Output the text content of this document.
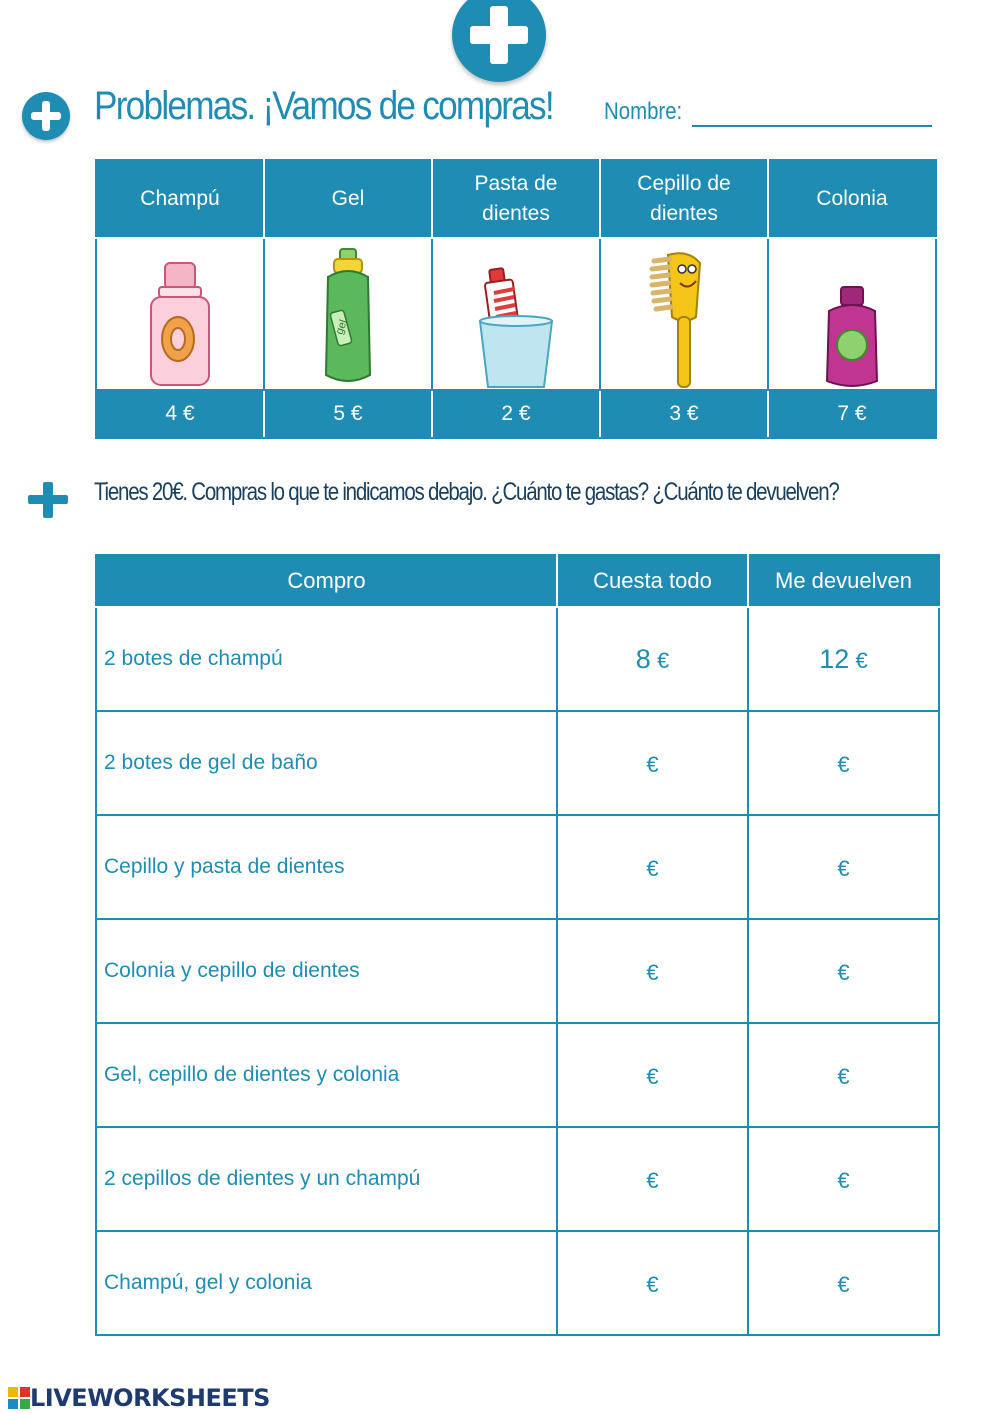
Problemas. ¡Vamos de compras! Nombre:
Champú	Gel	Pasta de dientes	Cepillo de dientes	Colonia

gel

4 €	5 €	2 €	3 €	7 €
Tienes 20€. Compras lo que te indicamos debajo. ¿Cuánto te gastas? ¿Cuánto te devuelven?
Compro	Cuesta todo	Me devuelven
2 botes de champú	8 €	12 €
2 botes de gel de baño	€	€
Cepillo y pasta de dientes	€	€
Colonia y cepillo de dientes	€	€
Gel, cepillo de dientes y colonia	€	€
2 cepillos de dientes y un champú	€	€
Champú, gel y colonia	€	€
LIVEWORKSHEETS
